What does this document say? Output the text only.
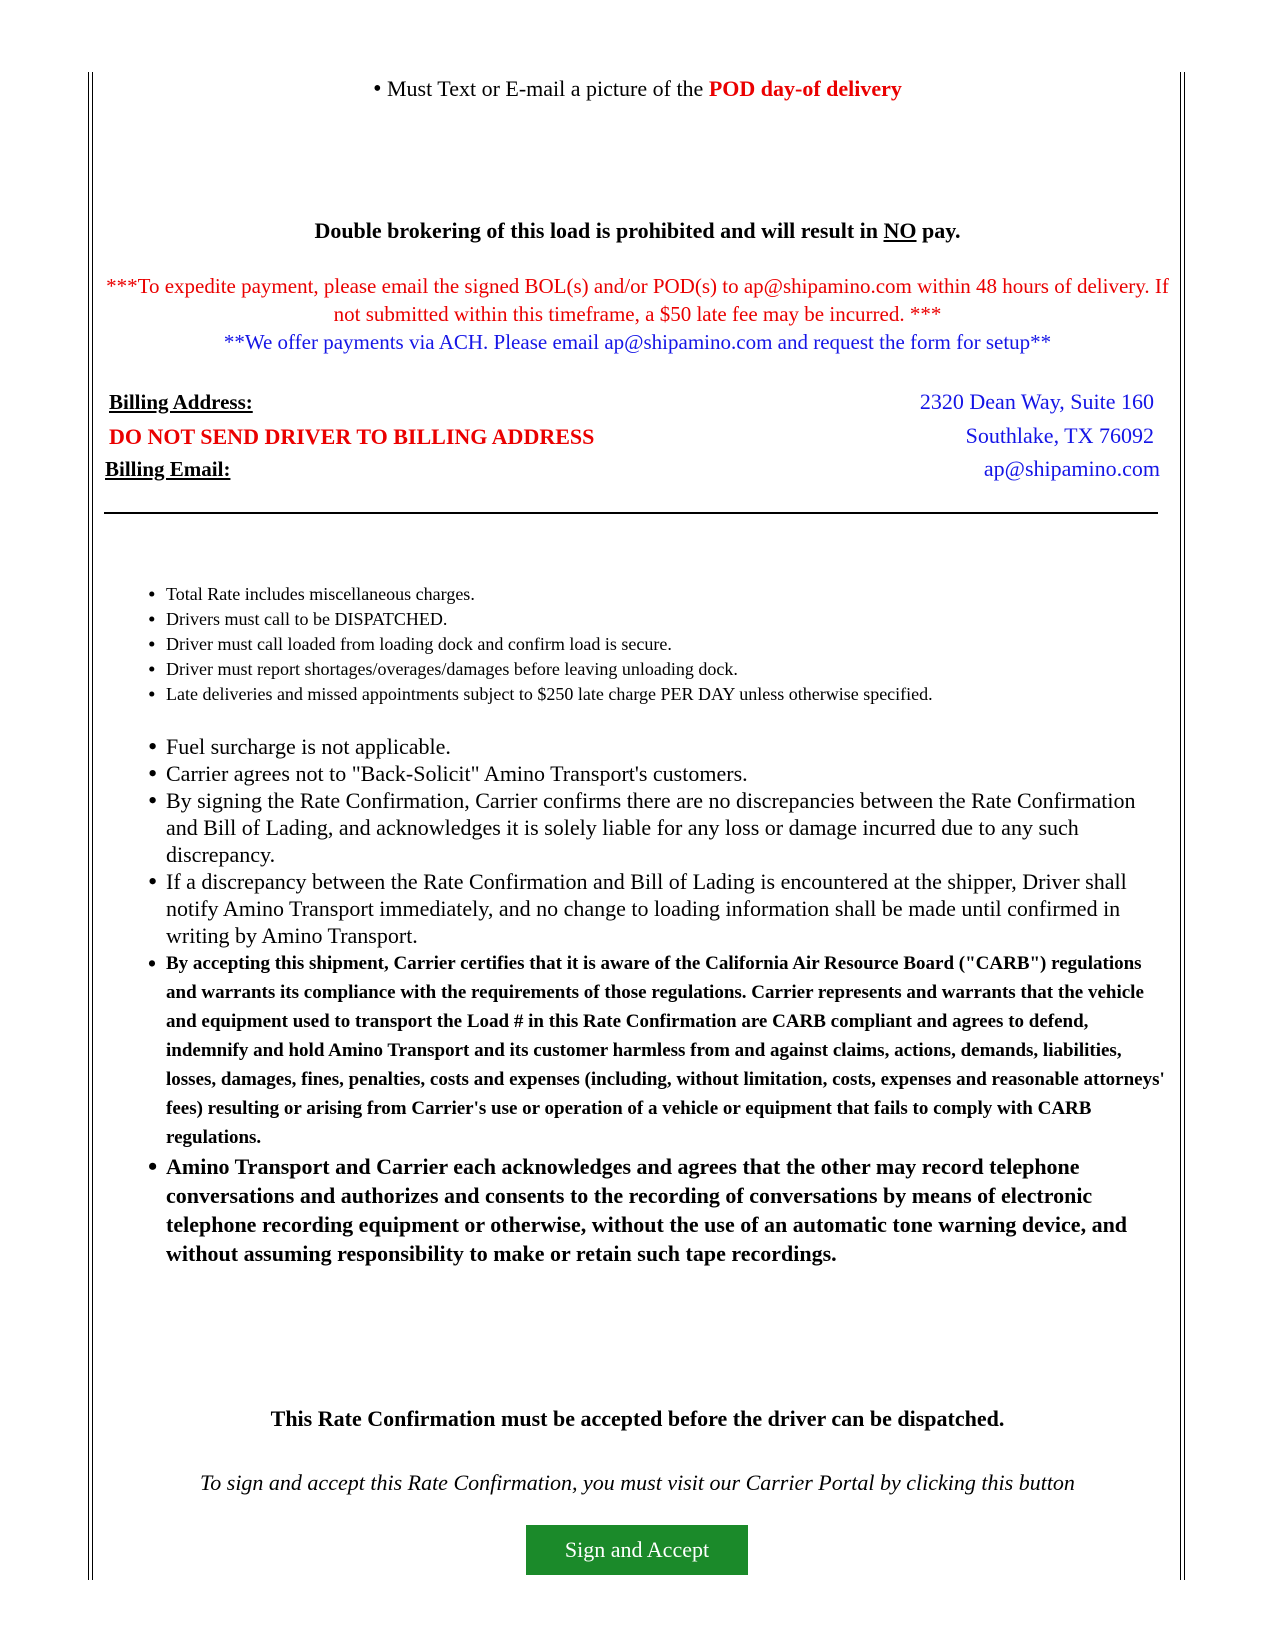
• Must Text or E-mail a picture of the POD day-of delivery
Double brokering of this load is prohibited and will result in NO pay.
***To expedite payment, please email the signed BOL(s) and/or POD(s) to ap@shipamino.com within 48 hours of delivery. If not submitted within this timeframe, a $50 late fee may be incurred. ***
**We offer payments via ACH. Please email ap@shipamino.com and request the form for setup**
Billing Address:
DO NOT SEND DRIVER TO BILLING ADDRESS
Billing Email:
2320 Dean Way, Suite 160
Southlake, TX 76092
ap@shipamino.com
• Total Rate includes miscellaneous charges.
• Drivers must call to be DISPATCHED.
• Driver must call loaded from loading dock and confirm load is secure.
• Driver must report shortages/overages/damages before leaving unloading dock.
• Late deliveries and missed appointments subject to $250 late charge PER DAY unless otherwise specified.
• Fuel surcharge is not applicable.
• Carrier agrees not to "Back-Solicit" Amino Transport's customers.
• By signing the Rate Confirmation, Carrier confirms there are no discrepancies between the Rate Confirmation and Bill of Lading, and acknowledges it is solely liable for any loss or damage incurred due to any such discrepancy.
• If a discrepancy between the Rate Confirmation and Bill of Lading is encountered at the shipper, Driver shall notify Amino Transport immediately, and no change to loading information shall be made until confirmed in writing by Amino Transport.
• By accepting this shipment, Carrier certifies that it is aware of the California Air Resource Board ("CARB") regulations and warrants its compliance with the requirements of those regulations. Carrier represents and warrants that the vehicle and equipment used to transport the Load # in this Rate Confirmation are CARB compliant and agrees to defend, indemnify and hold Amino Transport and its customer harmless from and against claims, actions, demands, liabilities, losses, damages, fines, penalties, costs and expenses (including, without limitation, costs, expenses and reasonable attorneys' fees) resulting or arising from Carrier's use or operation of a vehicle or equipment that fails to comply with CARB regulations.
• Amino Transport and Carrier each acknowledges and agrees that the other may record telephone conversations and authorizes and consents to the recording of conversations by means of electronic telephone recording equipment or otherwise, without the use of an automatic tone warning device, and without assuming responsibility to make or retain such tape recordings.
This Rate Confirmation must be accepted before the driver can be dispatched.
To sign and accept this Rate Confirmation, you must visit our Carrier Portal by clicking this button
Sign and Accept
